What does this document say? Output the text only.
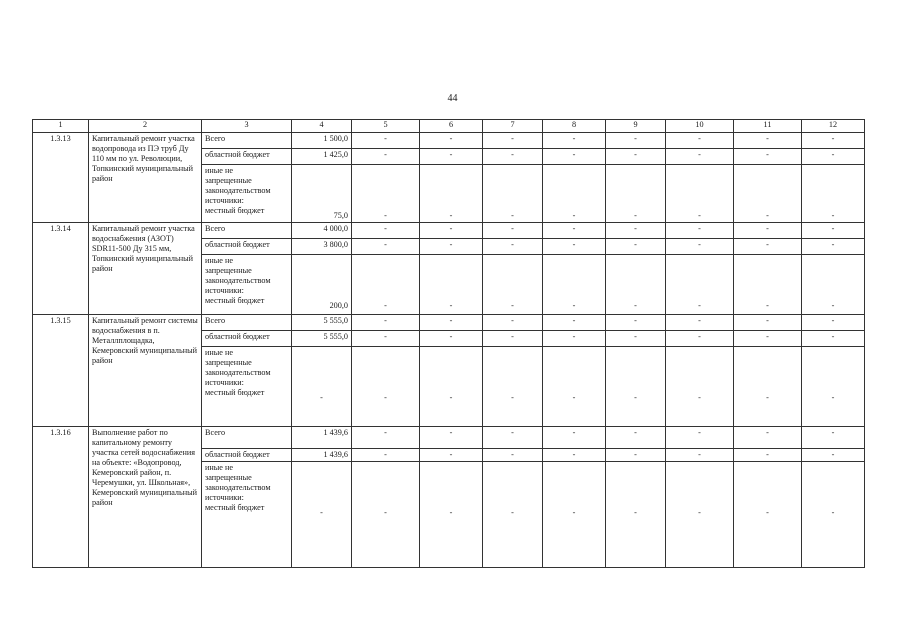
44
1	2	3	4	5	6	7	8	9	10	11	12
1.3.13	Капитальный ремонт участка водопровода из ПЭ труб Ду 110 мм по ул. Революции, Топкинский муниципальный район	Всего	1 500,0	-	-	-	-	-	-	-	-
		областной бюджет	1 425,0	-	-	-	-	-	-	-	-
		иные не
запрещенные
законодательством
источники:
местный бюджет	75,0	-	-	-	-	-	-	-	-
1.3.14	Капитальный ремонт участка водоснабжения (АЗОТ) SDR11-500 Ду 315 мм, Топкинский муниципальный район	Всего	4 000,0	-	-	-	-	-	-	-	-
		областной бюджет	3 800,0	-	-	-	-	-	-	-	-
		иные не
запрещенные
законодательством
источники:
местный бюджет	200,0	-	-	-	-	-	-	-	-
1.3.15	Капитальный ремонт системы водоснабжения в п. Металлплощадка, Кемеровский муниципальный район	Всего	5 555,0	-	-	-	-	-	-	-	-
		областной бюджет	5 555,0	-	-	-	-	-	-	-	-
		иные не
запрещенные
законодательством
источники:
местный бюджет	-	-	-	-	-	-	-	-	-
1.3.16	Выполнение работ по капитальному ремонту участка сетей водоснабжения на объекте: «Водопровод, Кемеровский район, п. Черемушки, ул. Школьная», Кемеровский муниципальный район	Всего	1 439,6	-	-	-	-	-	-	-	-
		областной бюджет	1 439,6	-	-	-	-	-	-	-	-
		иные не
запрещенные
законодательством
источники:
местный бюджет	-	-	-	-	-	-	-	-	-
